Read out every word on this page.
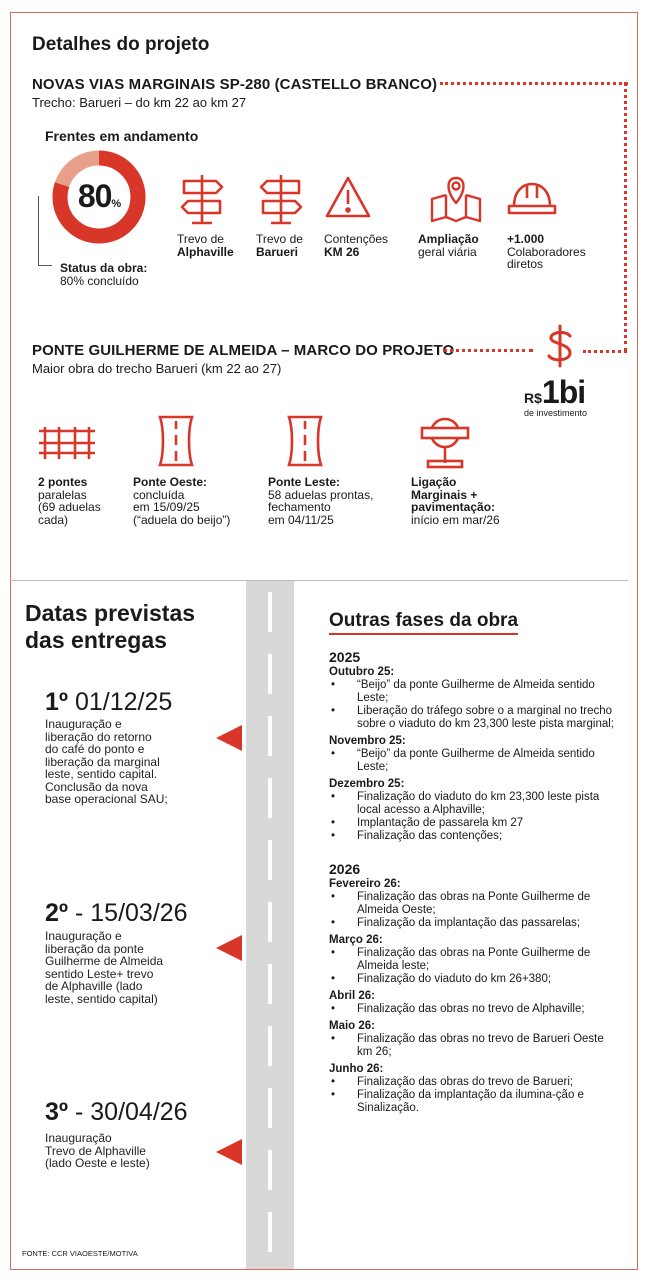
Detalhes do projeto
NOVAS VIAS MARGINAIS SP-280 (CASTELLO BRANCO)
Trecho: Barueri – do km 22 ao km 27
Frentes em andamento
80%
Status da obra:
80% concluído
Trevo de
Alphaville
Trevo de
Barueri
Contenções
KM 26
Ampliação
geral viária
+1.000
Colaboradores
diretos
PONTE GUILHERME DE ALMEIDA – MARCO DO PROJETO
Maior obra do trecho Barueri (km 22 ao 27)
R$1bi
de investimento
2 pontes
paralelas
(69 aduelas
cada)
Ponte Oeste:
concluída
em 15/09/25
(“aduela do beijo”)
Ponte Leste:
58 aduelas prontas,
fechamento
em 04/11/25
Ligação
Marginais +
pavimentação:
início em mar/26
Datas previstas
das entregas
1º 01/12/25
Inauguração e
liberação do retorno
do café do ponto e
liberação da marginal
leste, sentido capital.
Conclusão da nova
base operacional SAU;
2º - 15/03/26
Inauguração e
liberação da ponte
Guilherme de Almeida
sentido Leste+ trevo
de Alphaville (lado
leste, sentido capital)
3º - 30/04/26
Inauguração
Trevo de Alphaville
(lado Oeste e leste)
Outras fases da obra
2025
Outubro 25:
• “Beijo” da ponte Guilherme de Almeida sentido Leste;
• Liberação do tráfego sobre o a marginal no trecho sobre o viaduto do km 23,300 leste pista marginal;
Novembro 25:
• “Beijo” da ponte Guilherme de Almeida sentido Leste;
Dezembro 25:
• Finalização do viaduto do km 23,300 leste pista local acesso a Alphaville;
• Implantação de passarela km 27
• Finalização das contenções;
2026
Fevereiro 26:
• Finalização das obras na Ponte Guilherme de Almeida Oeste;
• Finalização da implantação das passarelas;
Março 26:
• Finalização das obras na Ponte Guilherme de Almeida leste;
• Finalização do viaduto do km 26+380;
Abril 26:
• Finalização das obras no trevo de Alphaville;
Maio 26:
• Finalização das obras no trevo de Barueri Oeste km 26;
Junho 26:
• Finalização das obras do trevo de Barueri;
• Finalização da implantação da ilumina-ção e Sinalização.
FONTE: CCR VIAOESTE/MOTIVA
